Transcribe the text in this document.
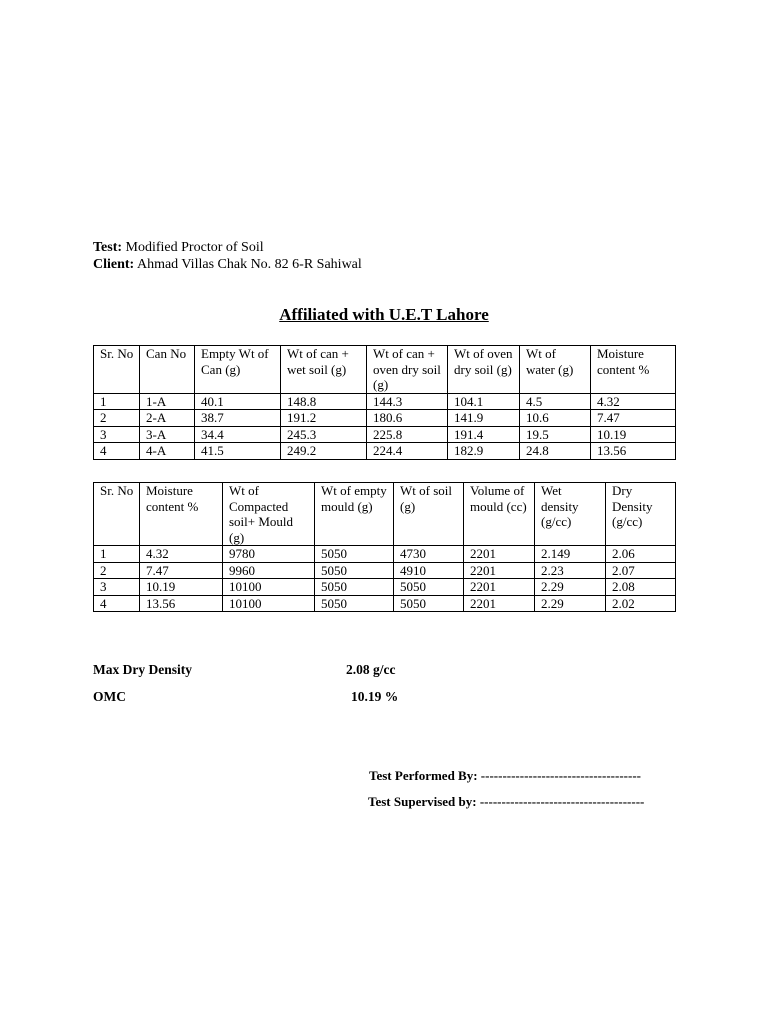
Test: Modified Proctor of Soil
Client: Ahmad Villas Chak No. 82 6-R Sahiwal
Affiliated with U.E.T Lahore
Sr. No	Can No	Empty Wt of Can (g)	Wt of can + wet soil (g)	Wt of can + oven dry soil (g)	Wt of oven dry soil (g)	Wt of water (g)	Moisture content %
1	1-A	40.1	148.8	144.3	104.1	4.5	4.32
2	2-A	38.7	191.2	180.6	141.9	10.6	7.47
3	3-A	34.4	245.3	225.8	191.4	19.5	10.19
4	4-A	41.5	249.2	224.4	182.9	24.8	13.56
Sr. No	Moisture content %	Wt of Compacted soil+ Mould (g)	Wt of empty mould (g)	Wt of soil (g)	Volume of mould (cc)	Wet density (g/cc)	Dry Density (g/cc)
1	4.32	9780	5050	4730	2201	2.149	2.06
2	7.47	9960	5050	4910	2201	2.23	2.07
3	10.19	10100	5050	5050	2201	2.29	2.08
4	13.56	10100	5050	5050	2201	2.29	2.02
Max Dry Density	2.08 g/cc
OMC	10.19 %
Test Performed By: -------------------------------------
Test Supervised by: --------------------------------------
